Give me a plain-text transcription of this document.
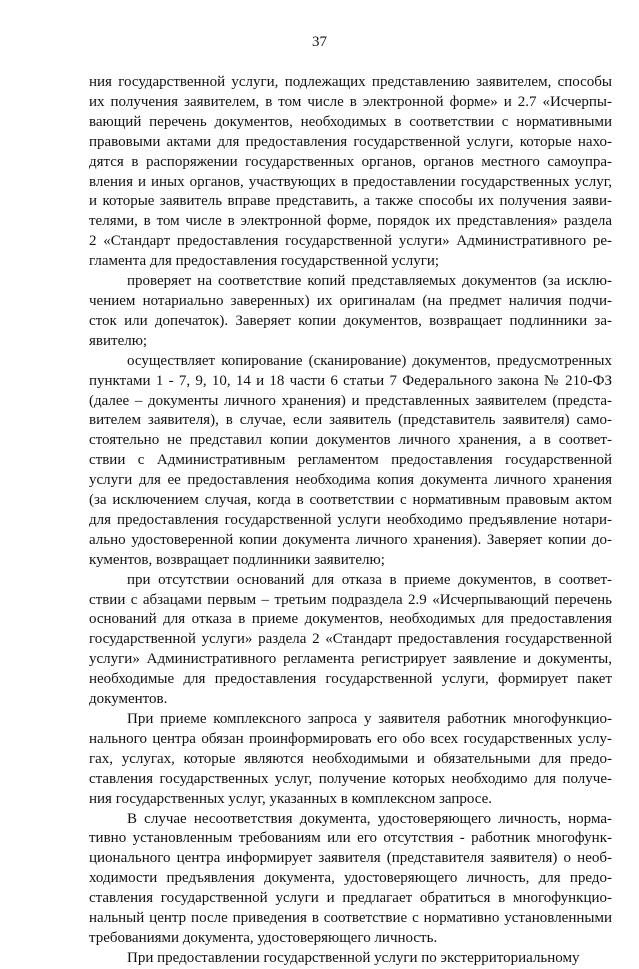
37

ния государственной услуги, подлежащих представлению заявителем, способы

их получения заявителем, в том числе в электронной форме» и 2.7 «Исчерпы-

вающий перечень документов, необходимых в соответствии с нормативными

правовыми актами для предоставления государственной услуги, которые нахо-

дятся в распоряжении государственных органов, органов местного самоупра-

вления и иных органов, участвующих в предоставлении государственных услуг,

и которые заявитель вправе представить, а также способы их получения заяви-

телями, в том числе в электронной форме, порядок их представления» раздела

2 «Стандарт предоставления государственной услуги» Административного ре-

гламента для предоставления государственной услуги;

проверяет на соответствие копий представляемых документов (за исклю-

чением нотариально заверенных) их оригиналам (на предмет наличия подчи-

сток или допечаток). Заверяет копии документов, возвращает подлинники за-

явителю;

осуществляет копирование (сканирование) документов, предусмотренных

пунктами 1 - 7, 9, 10, 14 и 18 части 6 статьи 7 Федерального закона № 210-ФЗ

(далее – документы личного хранения) и представленных заявителем (предста-

вителем заявителя), в случае, если заявитель (представитель заявителя) само-

стоятельно не представил копии документов личного хранения, а в соответ-

ствии с Административным регламентом предоставления государственной

услуги для ее предоставления необходима копия документа личного хранения

(за исключением случая, когда в соответствии с нормативным правовым актом

для предоставления государственной услуги необходимо предъявление нотари-

ально удостоверенной копии документа личного хранения). Заверяет копии до-

кументов, возвращает подлинники заявителю;

при отсутствии оснований для отказа в приеме документов, в соответ-

ствии с абзацами первым – третьим подраздела 2.9 «Исчерпывающий перечень

оснований для отказа в приеме документов, необходимых для предоставления

государственной услуги» раздела 2 «Стандарт предоставления государственной

услуги» Административного регламента регистрирует заявление и документы,

необходимые для предоставления государственной услуги, формирует пакет

документов.

При приеме комплексного запроса у заявителя работник многофункцио-

нального центра обязан проинформировать его обо всех государственных услу-

гах, услугах, которые являются необходимыми и обязательными для предо-

ставления государственных услуг, получение которых необходимо для получе-

ния государственных услуг, указанных в комплексном запросе.

В случае несоответствия документа, удостоверяющего личность, норма-

тивно установленным требованиям или его отсутствия - работник многофунк-

ционального центра информирует заявителя (представителя заявителя) о необ-

ходимости предъявления документа, удостоверяющего личность, для предо-

ставления государственной услуги и предлагает обратиться в многофункцио-

нальный центр после приведения в соответствие с нормативно установленными

требованиями документа, удостоверяющего личность.

При предоставлении государственной услуги по экстерриториальному
